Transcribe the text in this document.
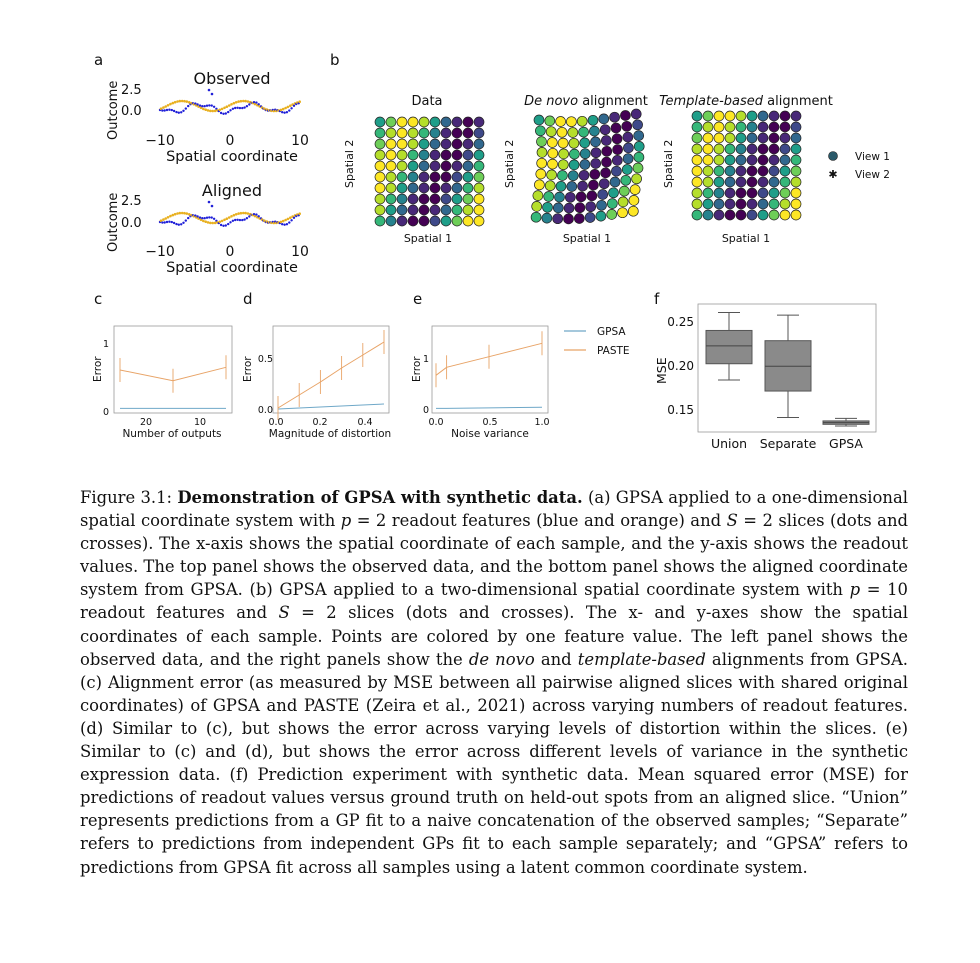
a	b
c	d	e	f
Observed
2.5
0.0
Outcome
−10	0	10
Spatial coordinate
Aligned
2.5
0.0
Outcome −10	0	10
Spatial coordinate
Data	De novo alignment Template-based alignment
Spatial 1	Spatial 1	Spatial 1
Spatial 2	Spatial 2	Spatial 2	View 1
✱ View 2
1
0
20	10
Number of outputs
Error	0.5
0.0
0.0	0.2	0.4
Magnitude of distortion
Error	1
0
0.0	0.5	1.0
Noise variance
Error
GPSA
PASTE
0.25
0.20
0.15
MSE
Union Separate GPSA
Figure 3.1: Demonstration of GPSA with synthetic data. (a) GPSA applied to a one-dimensional spatial coordinate system with p = 2 readout features (blue and orange) and S = 2 slices (dots and crosses). The x-axis shows the spatial coordinate of each sample, and the y-axis shows the readout values. The top panel shows the observed data, and the bottom panel shows the aligned coordinate system from GPSA. (b) GPSA applied to a two-dimensional spatial coordinate system with p = 10 readout features and S = 2 slices (dots and crosses). The x- and y-axes show the spatial coordinates of each sample. Points are colored by one feature value. The left panel shows the observed data, and the right panels show the de novo and template-based alignments from GPSA. (c) Alignment error (as measured by MSE between all pairwise aligned slices with shared original coordinates) of GPSA and PASTE (Zeira et al., 2021) across varying numbers of readout features. (d) Similar to (c), but shows the error across varying levels of distortion within the slices. (e) Similar to (c) and (d), but shows the error across different levels of variance in the synthetic expression data. (f) Prediction experiment with synthetic data. Mean squared error (MSE) for predictions of readout values versus ground truth on held-out spots from an aligned slice. “Union” represents predictions from a GP fit to a naive concatenation of the observed samples; “Separate” refers to predictions from independent GPs fit to each sample separately; and “GPSA” refers to predictions from GPSA fit across all samples using a latent common coordinate system.
